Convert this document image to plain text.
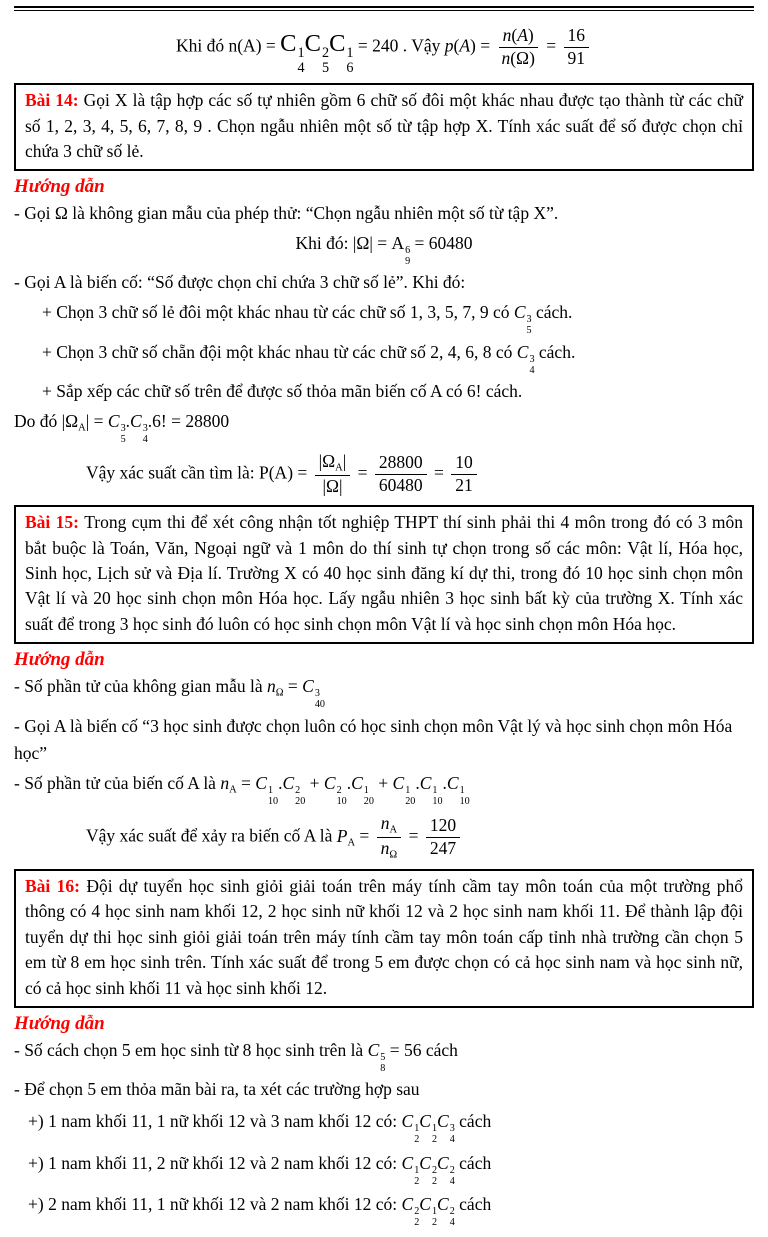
Khi đó n(A) = C 1
4
C 2
5
C 1
6
= 240 . Vậy $p(A) = \frac{n(A)}{n(\Omega)} = \frac{16}{91}$
Bài 14: Gọi X là tập hợp các số tự nhiên gồm 6 chữ số đôi một khác nhau được tạo thành từ các chữ số 1, 2, 3, 4, 5, 6, 7, 8, 9 . Chọn ngẫu nhiên một số từ tập hợp X. Tính xác suất để số được chọn chỉ chứa 3 chữ số lẻ.
Hướng dẫn
- Gọi Ω là không gian mẫu của phép thử: “Chọn ngẫu nhiên một số từ tập X”.
Khi đó: |Ω| = A 6
9
= 60480
- Gọi A là biến cố: “Số được chọn chỉ chứa 3 chữ số lẻ”. Khi đó:
+ Chọn 3 chữ số lẻ đôi một khác nhau từ các chữ số 1, 3, 5, 7, 9 có C 3
5
cách.
+ Chọn 3 chữ số chẵn đội một khác nhau từ các chữ số 2, 4, 6, 8 có C 3
4
cách.
+ Sắp xếp các chữ số trên để được số thỏa mãn biến cố A có 6! cách.
Do đó $|\Omega_A| = C$ 3
5
.C 3
4
.6! = 28800
Vậy xác suất cần tìm là: $P(A) = \frac{|\Omega_A|}{|\Omega|} = \frac{28800}{60480} = \frac{10}{21}$
Bài 15: Trong cụm thi để xét công nhận tốt nghiệp THPT thí sinh phải thi 4 môn trong đó có 3 môn bắt buộc là Toán, Văn, Ngoại ngữ và 1 môn do thí sinh tự chọn trong số các môn: Vật lí, Hóa học, Sinh học, Lịch sử và Địa lí. Trường X có 40 học sinh đăng kí dự thi, trong đó 10 học sinh chọn môn Vật lí và 20 học sinh chọn môn Hóa học. Lấy ngẫu nhiên 3 học sinh bất kỳ của trường X. Tính xác suất để trong 3 học sinh đó luôn có học sinh chọn môn Vật lí và học sinh chọn môn Hóa học.
Hướng dẫn
- Số phần tử của không gian mẫu là $n_\Omega = C$ 3
40
- Gọi A là biến cố “3 học sinh được chọn luôn có học sinh chọn môn Vật lý và học sinh chọn môn Hóa học”
- Số phần tử của biến cố A là $n_A = C$ 1
10
.C 2
20
+ C 2
10
.C 1
20
+ C 1
20
.C 1
10
.C 1
10
Vậy xác suất để xảy ra biến cố A là $P_A = \frac{n_A}{n_\Omega} = \frac{120}{247}$
Bài 16: Đội dự tuyển học sinh giỏi giải toán trên máy tính cầm tay môn toán của một trường phổ thông có 4 học sinh nam khối 12, 2 học sinh nữ khối 12 và 2 học sinh nam khối 11. Để thành lập đội tuyển dự thi học sinh giỏi giải toán trên máy tính cầm tay môn toán cấp tỉnh nhà trường cần chọn 5 em từ 8 em học sinh trên. Tính xác suất để trong 5 em được chọn có cả học sinh nam và học sinh nữ, có cả học sinh khối 11 và học sinh khối 12.
Hướng dẫn
- Số cách chọn 5 em học sinh từ 8 học sinh trên là C 5
8
= 56 cách
- Để chọn 5 em thỏa mãn bài ra, ta xét các trường hợp sau
+) 1 nam khối 11, 1 nữ khối 12 và 3 nam khối 12 có: C 1
2
C 1
2
C 3
4
cách
+) 1 nam khối 11, 2 nữ khối 12 và 2 nam khối 12 có: C 1
2
C 2
2
C 2
4
cách
+) 2 nam khối 11, 1 nữ khối 12 và 2 nam khối 12 có: C 2
2
C 1
2
C 2
4
cách
